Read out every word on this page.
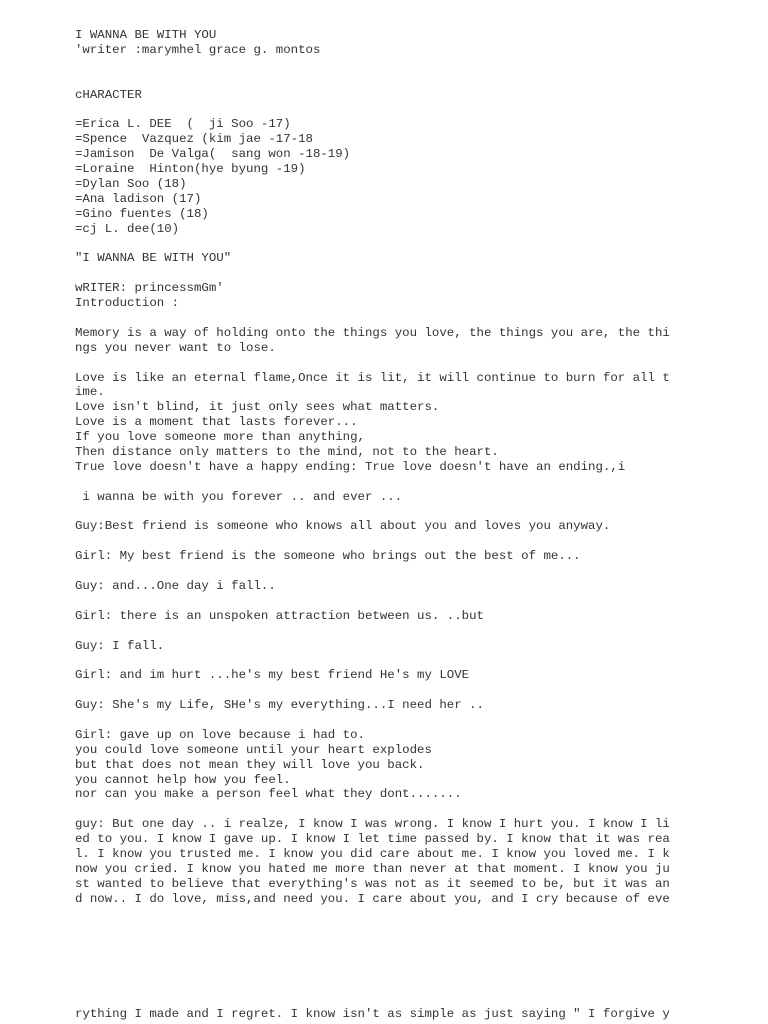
I WANNA BE WITH YOU
'writer :marymhel grace g. montos
cHARACTER
=Erica L. DEE  (  ji Soo -17)
=Spence  Vazquez (kim jae -17-18
=Jamison  De Valga(  sang won -18-19)
=Loraine  Hinton(hye byung -19)
=Dylan Soo (18)
=Ana ladison (17)
=Gino fuentes (18)
=cj L. dee(10)
"I WANNA BE WITH YOU"
wRITER: princessmGm'
Introduction :
Memory is a way of holding onto the things you love, the things you are, the thi
ngs you never want to lose.
Love is like an eternal flame,Once it is lit, it will continue to burn for all t
ime.
Love isn't blind, it just only sees what matters.
Love is a moment that lasts forever...
If you love someone more than anything,
Then distance only matters to the mind, not to the heart.
True love doesn't have a happy ending: True love doesn't have an ending.,i
i wanna be with you forever .. and ever ...
Guy:Best friend is someone who knows all about you and loves you anyway.
Girl: My best friend is the someone who brings out the best of me...
Guy: and...One day i fall..
Girl: there is an unspoken attraction between us. ..but
Guy: I fall.
Girl: and im hurt ...he's my best friend He's my LOVE
Guy: She's my Life, SHe's my everything...I need her ..
Girl: gave up on love because i had to.
you could love someone until your heart explodes
but that does not mean they will love you back.
you cannot help how you feel.
nor can you make a person feel what they dont.......
guy: But one day .. i realze, I know I was wrong. I know I hurt you. I know I li
ed to you. I know I gave up. I know I let time passed by. I know that it was rea
l. I know you trusted me. I know you did care about me. I know you loved me. I k
now you cried. I know you hated me more than never at that moment. I know you ju
st wanted to believe that everything's was not as it seemed to be, but it was an
d now.. I do love, miss,and need you. I care about you, and I cry because of eve
rything I made and I regret. I know isn't as simple as just saying " I forgive y
